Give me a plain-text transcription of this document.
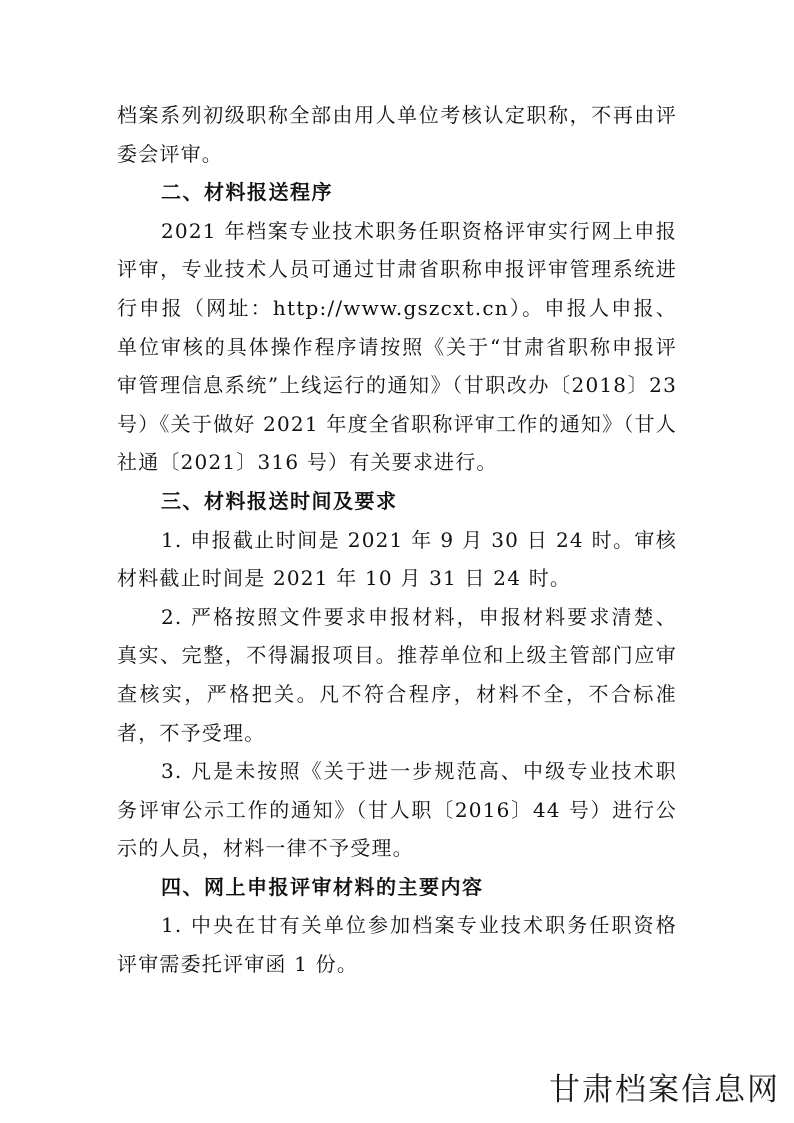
档案系列初级职称全部由用人单位考核认定职称，不再由评委会评审。

二、材料报送程序

2021 年档案专业技术职务任职资格评审实行网上申报评审，专业技术人员可通过甘肃省职称申报评审管理系统进行申报（网址：http://www.gszcxt.cn）。申报人申报、单位审核的具体操作程序请按照《关于“甘肃省职称申报评审管理信息系统”上线运行的通知》（甘职改办〔2018〕23 号）《关于做好 2021 年度全省职称评审工作的通知》（甘人社通〔2021〕316 号）有关要求进行。

三、材料报送时间及要求

1. 申报截止时间是 2021 年 9 月 30 日 24 时。审核材料截止时间是 2021 年 10 月 31 日 24 时。

2. 严格按照文件要求申报材料，申报材料要求清楚、真实、完整，不得漏报项目。推荐单位和上级主管部门应审查核实，严格把关。凡不符合程序，材料不全，不合标准者，不予受理。

3. 凡是未按照《关于进一步规范高、中级专业技术职务评审公示工作的通知》（甘人职〔2016〕44 号）进行公示的人员，材料一律不予受理。

四、网上申报评审材料的主要内容

1. 中央在甘有关单位参加档案专业技术职务任职资格评审需委托评审函 1 份。

甘肃档案信息网
